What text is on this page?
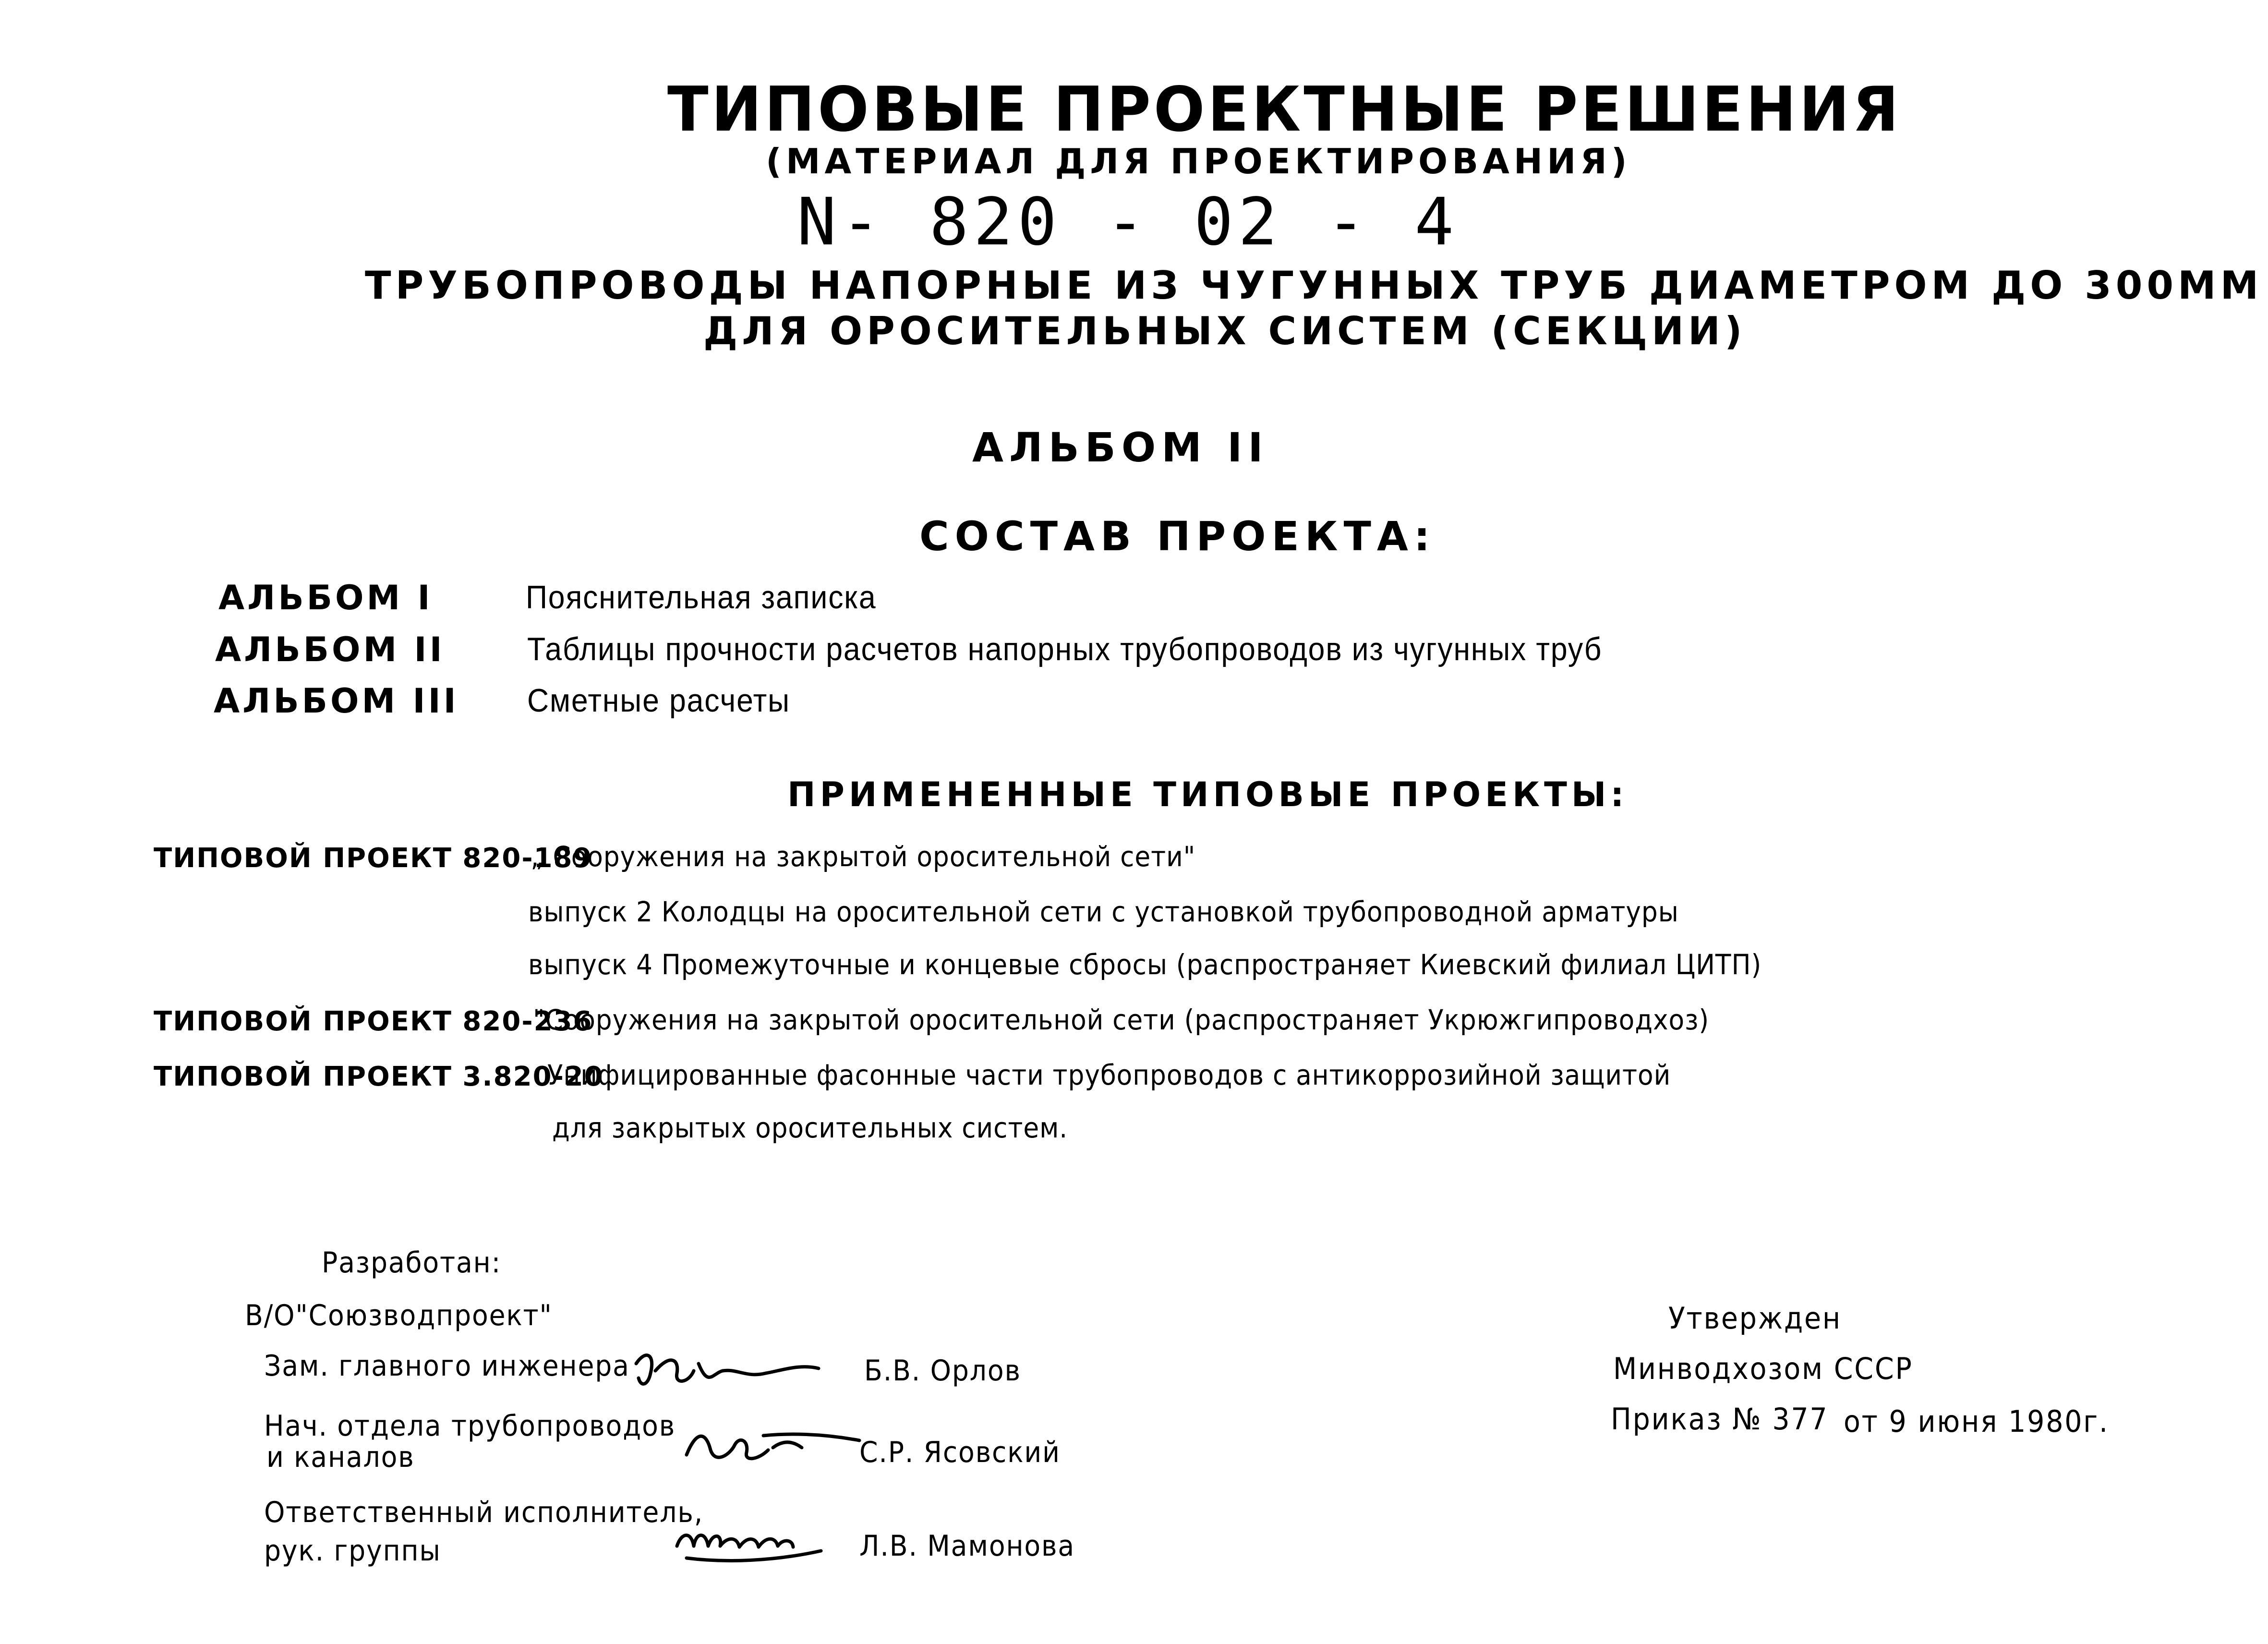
ТИПОВЫЕ ПРОЕКТНЫЕ РЕШЕНИЯ
(МАТЕРИАЛ ДЛЯ ПРОЕКТИРОВАНИЯ)
N- 820 - 02 - 4
ТРУБОПРОВОДЫ НАПОРНЫЕ ИЗ ЧУГУННЫХ ТРУБ ДИАМЕТРОМ ДО 300ММ
ДЛЯ ОРОСИТЕЛЬНЫХ СИСТЕМ (СЕКЦИИ)
АЛЬБОМ II
СОСТАВ ПРОЕКТА:
АЛЬБОМ I	Пояснительная записка
АЛЬБОМ II	Таблицы прочности расчетов напорных трубопроводов из чугунных труб
АЛЬБОМ III Сметные расчеты
ПРИМЕНЕННЫЕ ТИПОВЫЕ ПРОЕКТЫ:
ТИПОВОЙ ПРОЕКТ 820-189
„ Сооружения на закрытой оросительной сети"
выпуск 2 Колодцы на оросительной сети с установкой трубопроводной арматуры
выпуск 4 Промежуточные и концевые сбросы (распространяет Киевский филиал ЦИТП)
ТИПОВОЙ ПРОЕКТ 820-236
"Сооружения на закрытой оросительной сети (распространяет Укрюжгипроводхоз)
ТИПОВОЙ ПРОЕКТ 3.820-20
Унифицированные фасонные части трубопроводов с антикоррозийной защитой
для закрытых оросительных систем.
Разработан:
В/О"Союзводпроект"
Зам. главного инженера	Б.В. Орлов
Нач. отдела трубопроводов
и каналов	С.Р. Ясовский
Ответственный исполнитель,
рук. группы	Л.В. Мамонова
Утвержден
Минводхозом СССР
Приказ № 377 от 9 июня 1980г.
